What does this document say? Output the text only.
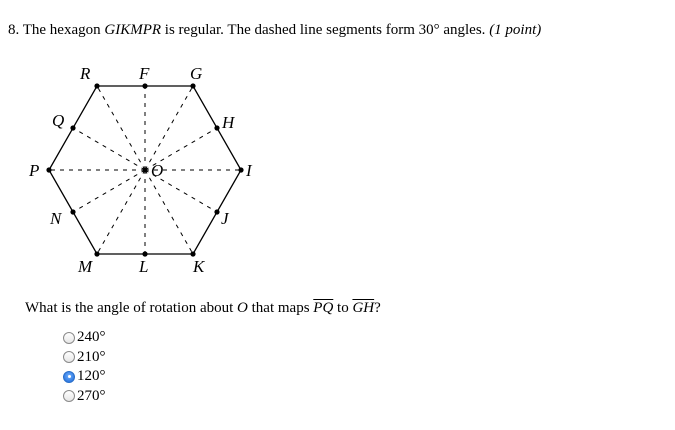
8. The hexagon GIKMPR is regular. The dashed line segments form 30° angles. (1 point)
R	F G
H
I
J
K
L
M
N
P
Q
O
What is the angle of rotation about O that maps $\overline{PQ}$ to $\overline{GH}$?
240°
210°
120°
270°
